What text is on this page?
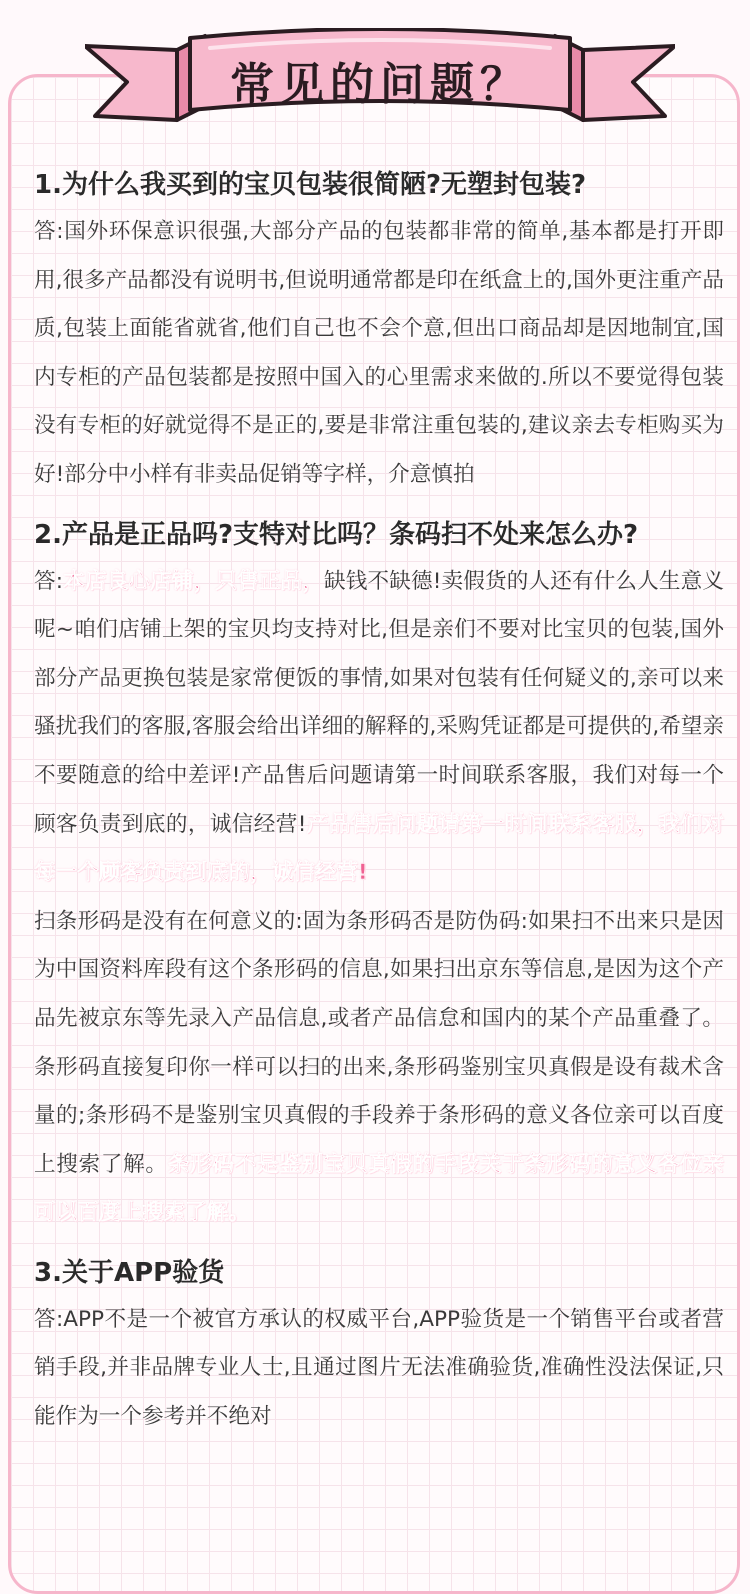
常见的问题？

1.为什么我买到的宝贝包装很简陋?无塑封包装?

答:国外环保意识很强,大部分产品的包装都非常的简单,基本都是打开即用,很多产品都没有说明书,但说明通常都是印在纸盒上的,国外更注重产品质,包装上面能省就省,他们自己也不会个意,但出口商品却是因地制宜,国内专柜的产品包装都是按照中国入的心里需求来做的.所以不要觉得包装没有专柜的好就觉得不是正的,要是非常注重包装的,建议亲去专柜购买为好!部分中小样有非卖品促销等字样，介意慎拍

2.产品是正品吗?支特对比吗？条码扫不处来怎么办?

答:本店良心店铺，只售正品，缺钱不缺德!卖假货的人还有什么人生意义呢~咱们店铺上架的宝贝均支持对比,但是亲们不要对比宝贝的包装,国外部分产品更换包装是家常便饭的事情,如果对包装有任何疑义的,亲可以来骚扰我们的客服,客服会给出详细的解释的,采购凭证都是可提供的,希望亲不要随意的给中差评!产品售后问题请第一时间联系客服，我们对每一个顾客负责到底的，诚信经营!产品售后问题请第一时间联系客服，我们对每一个顾客负责到底的，诚信经营!

扫条形码是没有在何意义的:固为条形码否是防伪码:如果扫不出来只是因为中国资料库段有这个条形码的信息,如果扫出京东等信息,是因为这个产品先被京东等先录入产品信息,或者产品信怠和国内的某个产品重叠了。条形码直接复印你一样可以扫的出来,条形码鉴别宝贝真假是设有裁术含量的;条形码不是鉴别宝贝真假的手段养于条形码的意义各位亲可以百度上搜索了解。条形码不是鉴别宝贝真假的手段关于条形码的意义各位亲可以百度上搜索了解。

3.关于APP验货

答:APP不是一个被官方承认的权威平台,APP验货是一个销售平台或者营销手段,并非品牌专业人士,且通过图片无法准确验货,准确性没法保证,只能作为一个参考并不绝对
